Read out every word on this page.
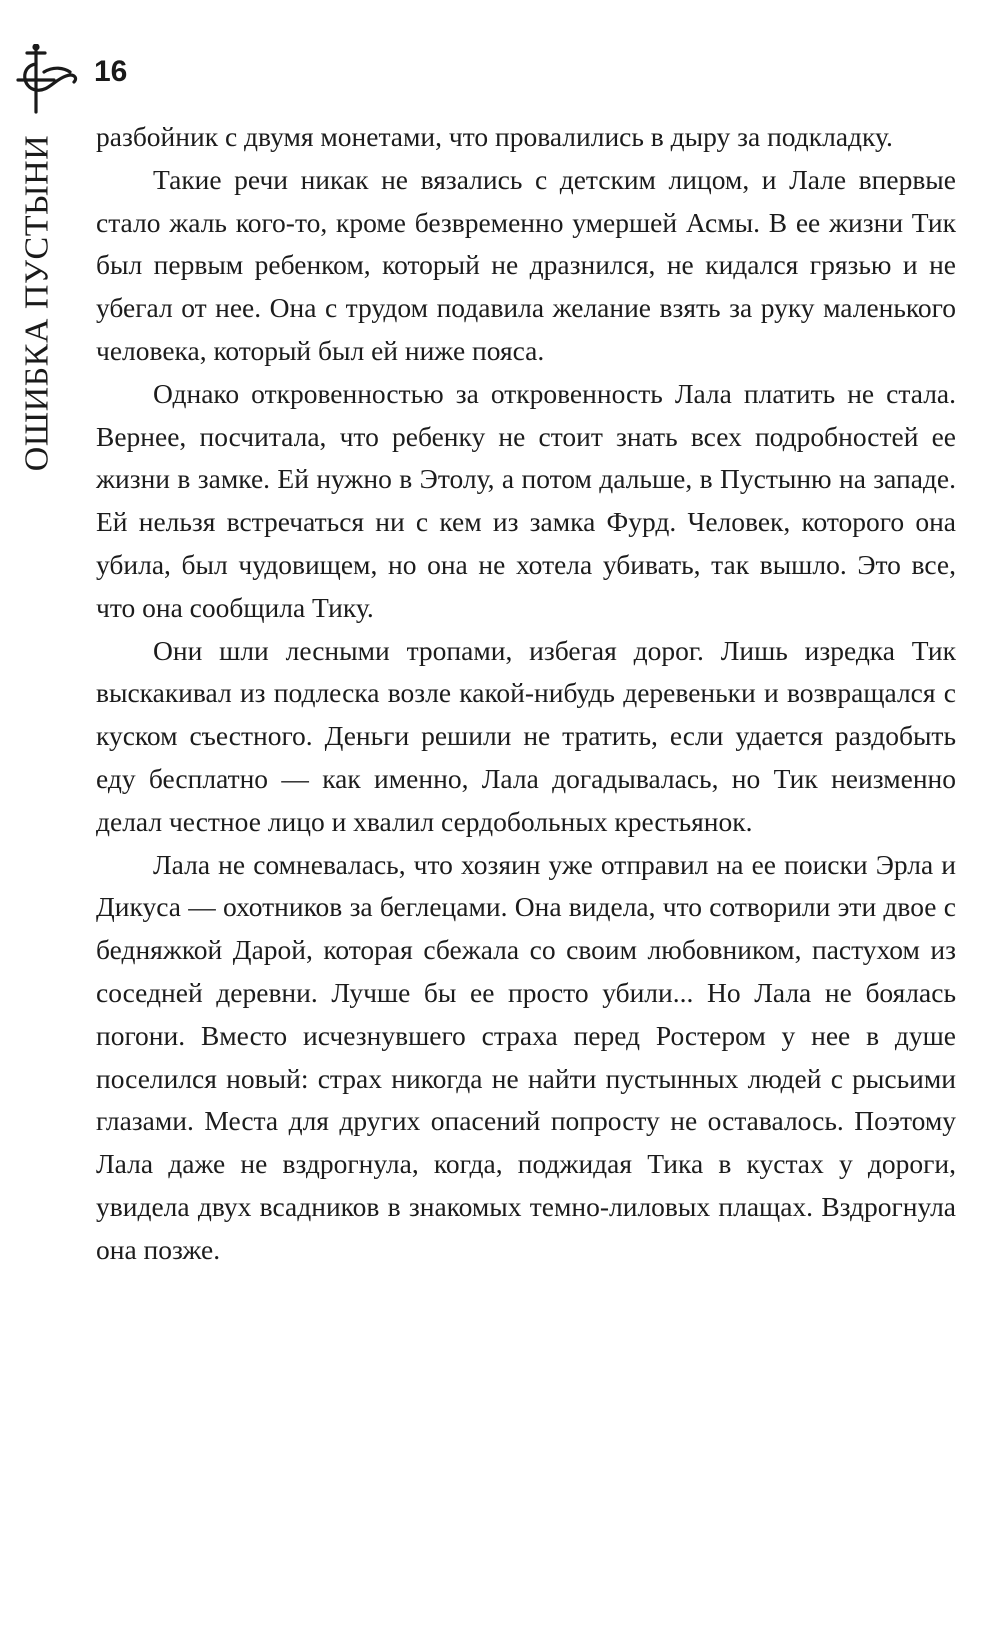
16
ОШИБКА ПУСТЫНИ разбойник с двумя монетами, что провалились в дыру за подкладку.

Такие речи никак не вязались с детским лицом, и Лале впервые стало жаль кого-то, кроме безвременно умершей Асмы. В ее жизни Тик был первым ребенком, который не дразнился, не кидался грязью и не убегал от нее. Она с трудом подавила желание взять за руку маленького человека, который был ей ниже пояса.

Однако откровенностью за откровенность Лала платить не стала. Вернее, посчитала, что ребенку не стоит знать всех подробностей ее жизни в замке. Ей нужно в Этолу, а потом дальше, в Пустыню на западе. Ей нельзя встречаться ни с кем из замка Фурд. Человек, которого она убила, был чудовищем, но она не хотела убивать, так вышло. Это все, что она сообщила Тику.

Они шли лесными тропами, избегая дорог. Лишь изредка Тик выскакивал из подлеска возле какой-нибудь деревеньки и возвращался с куском съестного. Деньги решили не тратить, если удается раздобыть еду бесплатно — как именно, Лала догадывалась, но Тик неизменно делал честное лицо и хвалил сердобольных крестьянок.

Лала не сомневалась, что хозяин уже отправил на ее поиски Эрла и Дикуса — охотников за беглецами. Она видела, что сотворили эти двое с бедняжкой Дарой, которая сбежала со своим любовником, пастухом из соседней деревни. Лучше бы ее просто убили... Но Лала не боялась погони. Вместо исчезнувшего страха перед Ростером у нее в душе поселился новый: страх никогда не найти пустынных людей с рысьими глазами. Места для других опасений попросту не оставалось. Поэтому Лала даже не вздрогнула, когда, поджидая Тика в кустах у дороги, увидела двух всадников в знакомых темно-лиловых плащах. Вздрогнула она позже.
